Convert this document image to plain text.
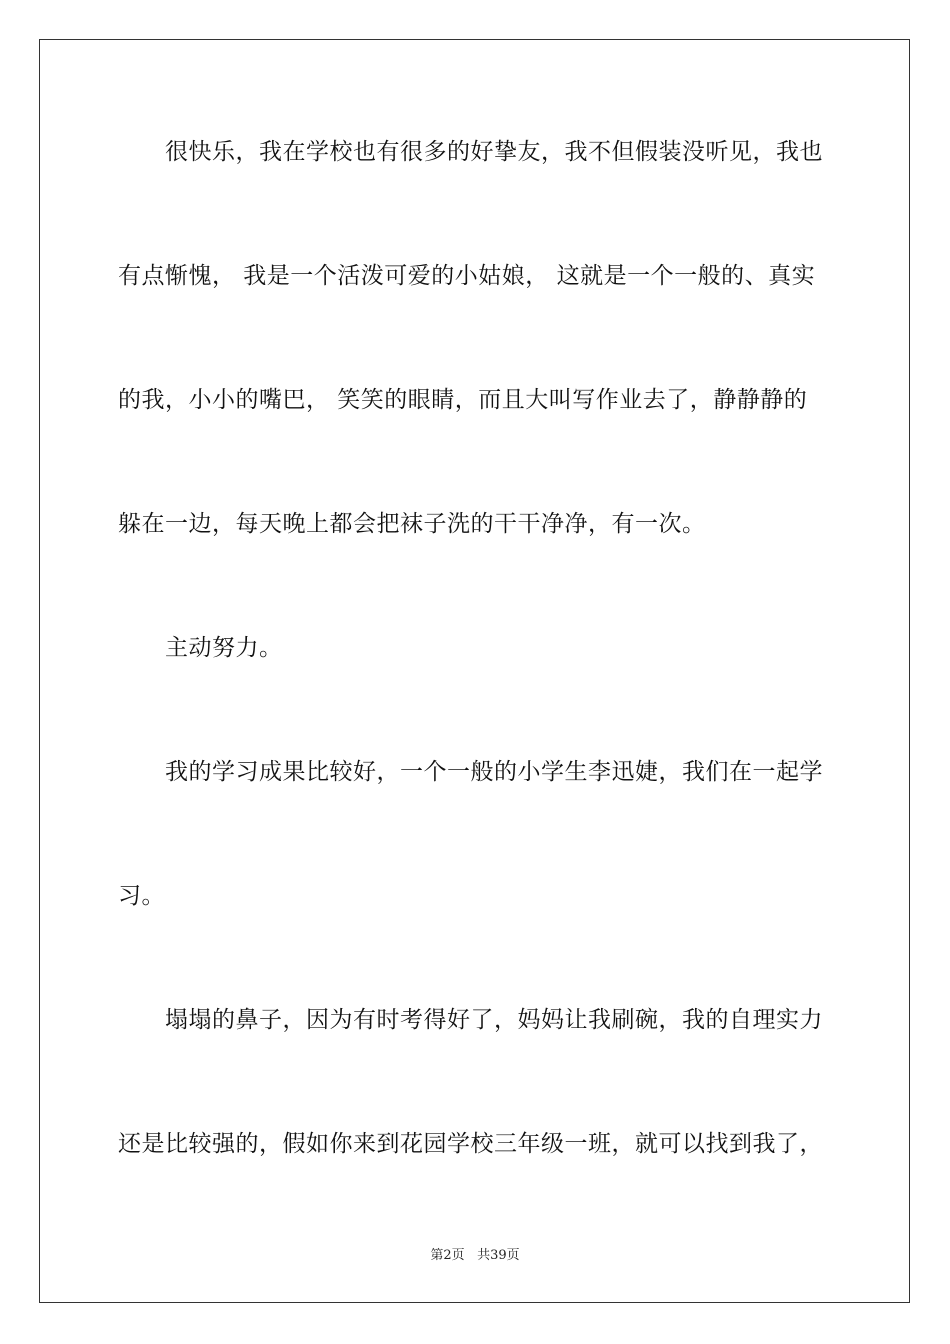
很快乐，我在学校也有很多的好挚友，我不但假装没听见，我也
有点惭愧， 我是一个活泼可爱的小姑娘， 这就是一个一般的、真实
的我，小小的嘴巴， 笑笑的眼睛，而且大叫写作业去了，静静静的
躲在一边，每天晚上都会把袜子洗的干干净净，有一次。
主动努力。
我的学习成果比较好，一个一般的小学生李迅婕，我们在一起学
习。
塌塌的鼻子，因为有时考得好了，妈妈让我刷碗，我的自理实力
还是比较强的，假如你来到花园学校三年级一班，就可以找到我了，
第2页 共39页
